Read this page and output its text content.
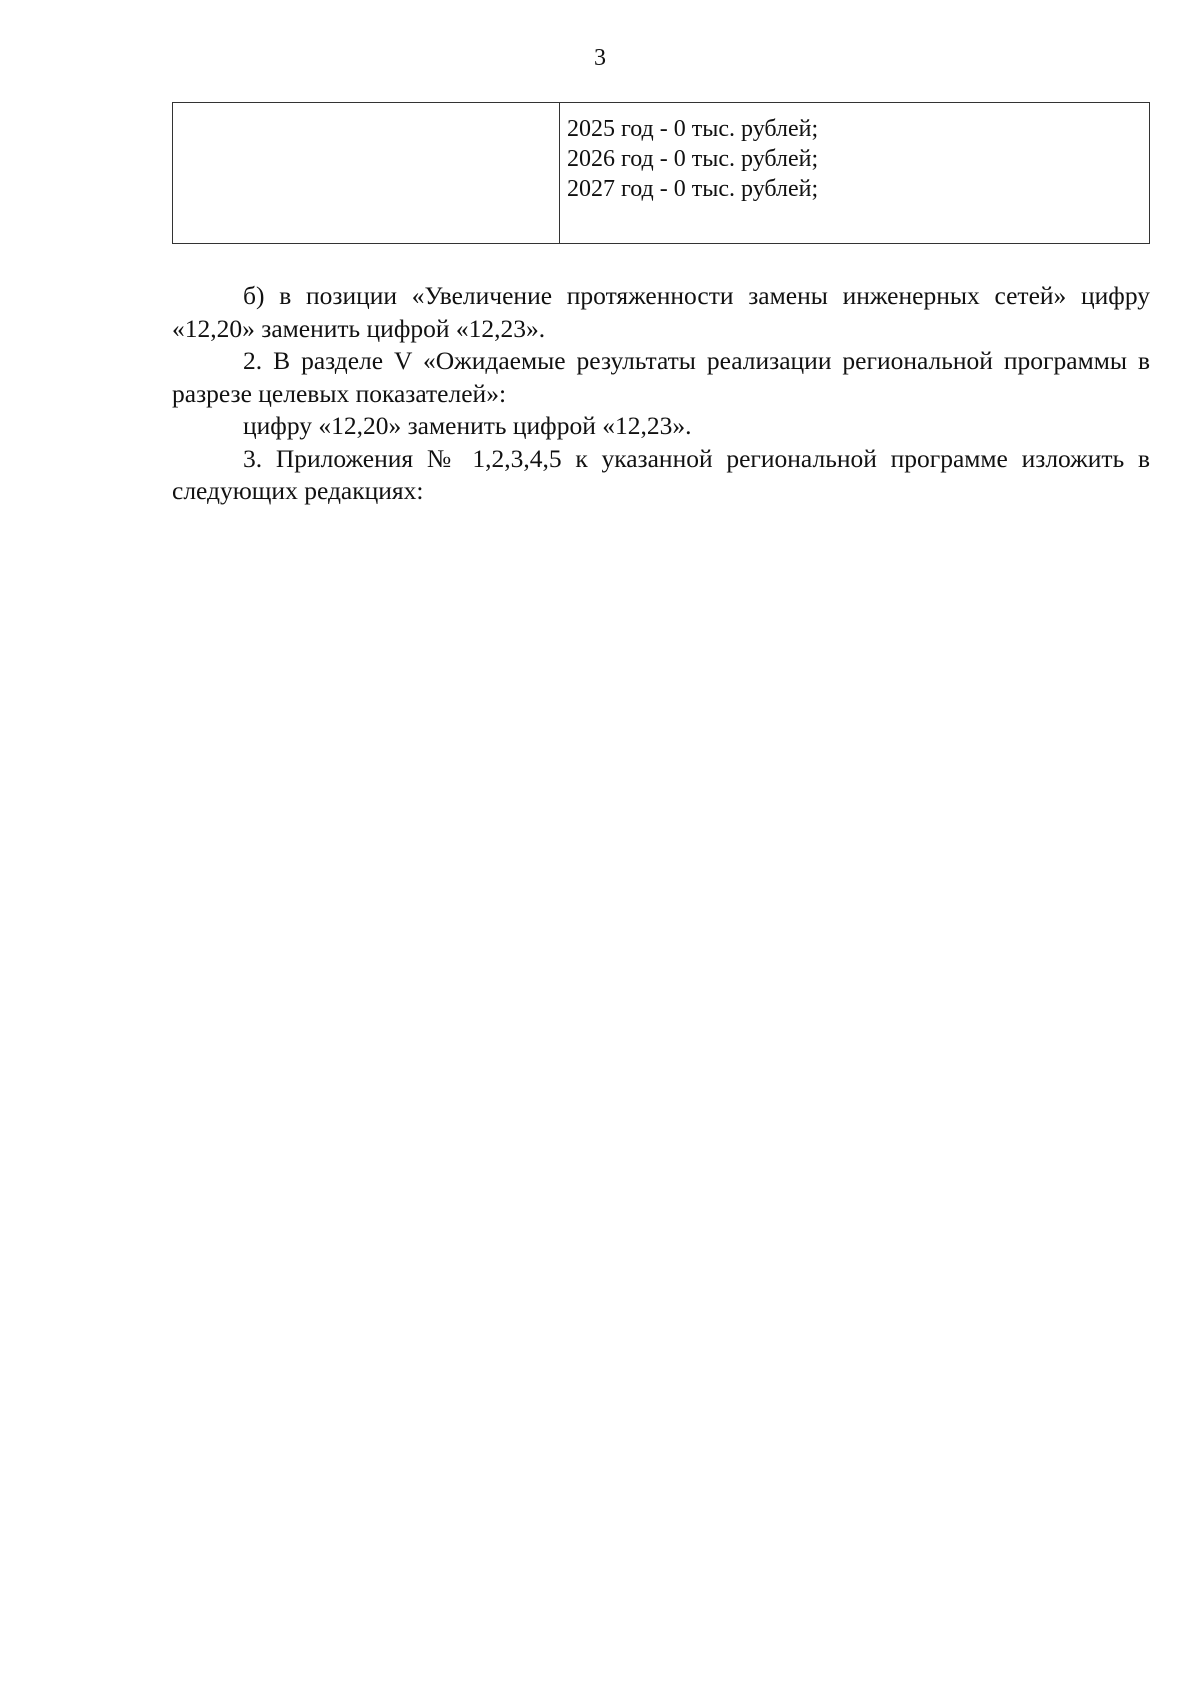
3
2025 год - 0 тыс. рублей;
2026 год - 0 тыс. рублей;
2027 год - 0 тыс. рублей;

б) в позиции «Увеличение протяженности замены инженерных сетей» цифру «12,20» заменить цифрой «12,23».

2. В разделе V «Ожидаемые результаты реализации региональной программы в разрезе целевых показателей»:

цифру «12,20» заменить цифрой «12,23».

3. Приложения № 1,2,3,4,5 к указанной региональной программе изложить в следующих редакциях:
